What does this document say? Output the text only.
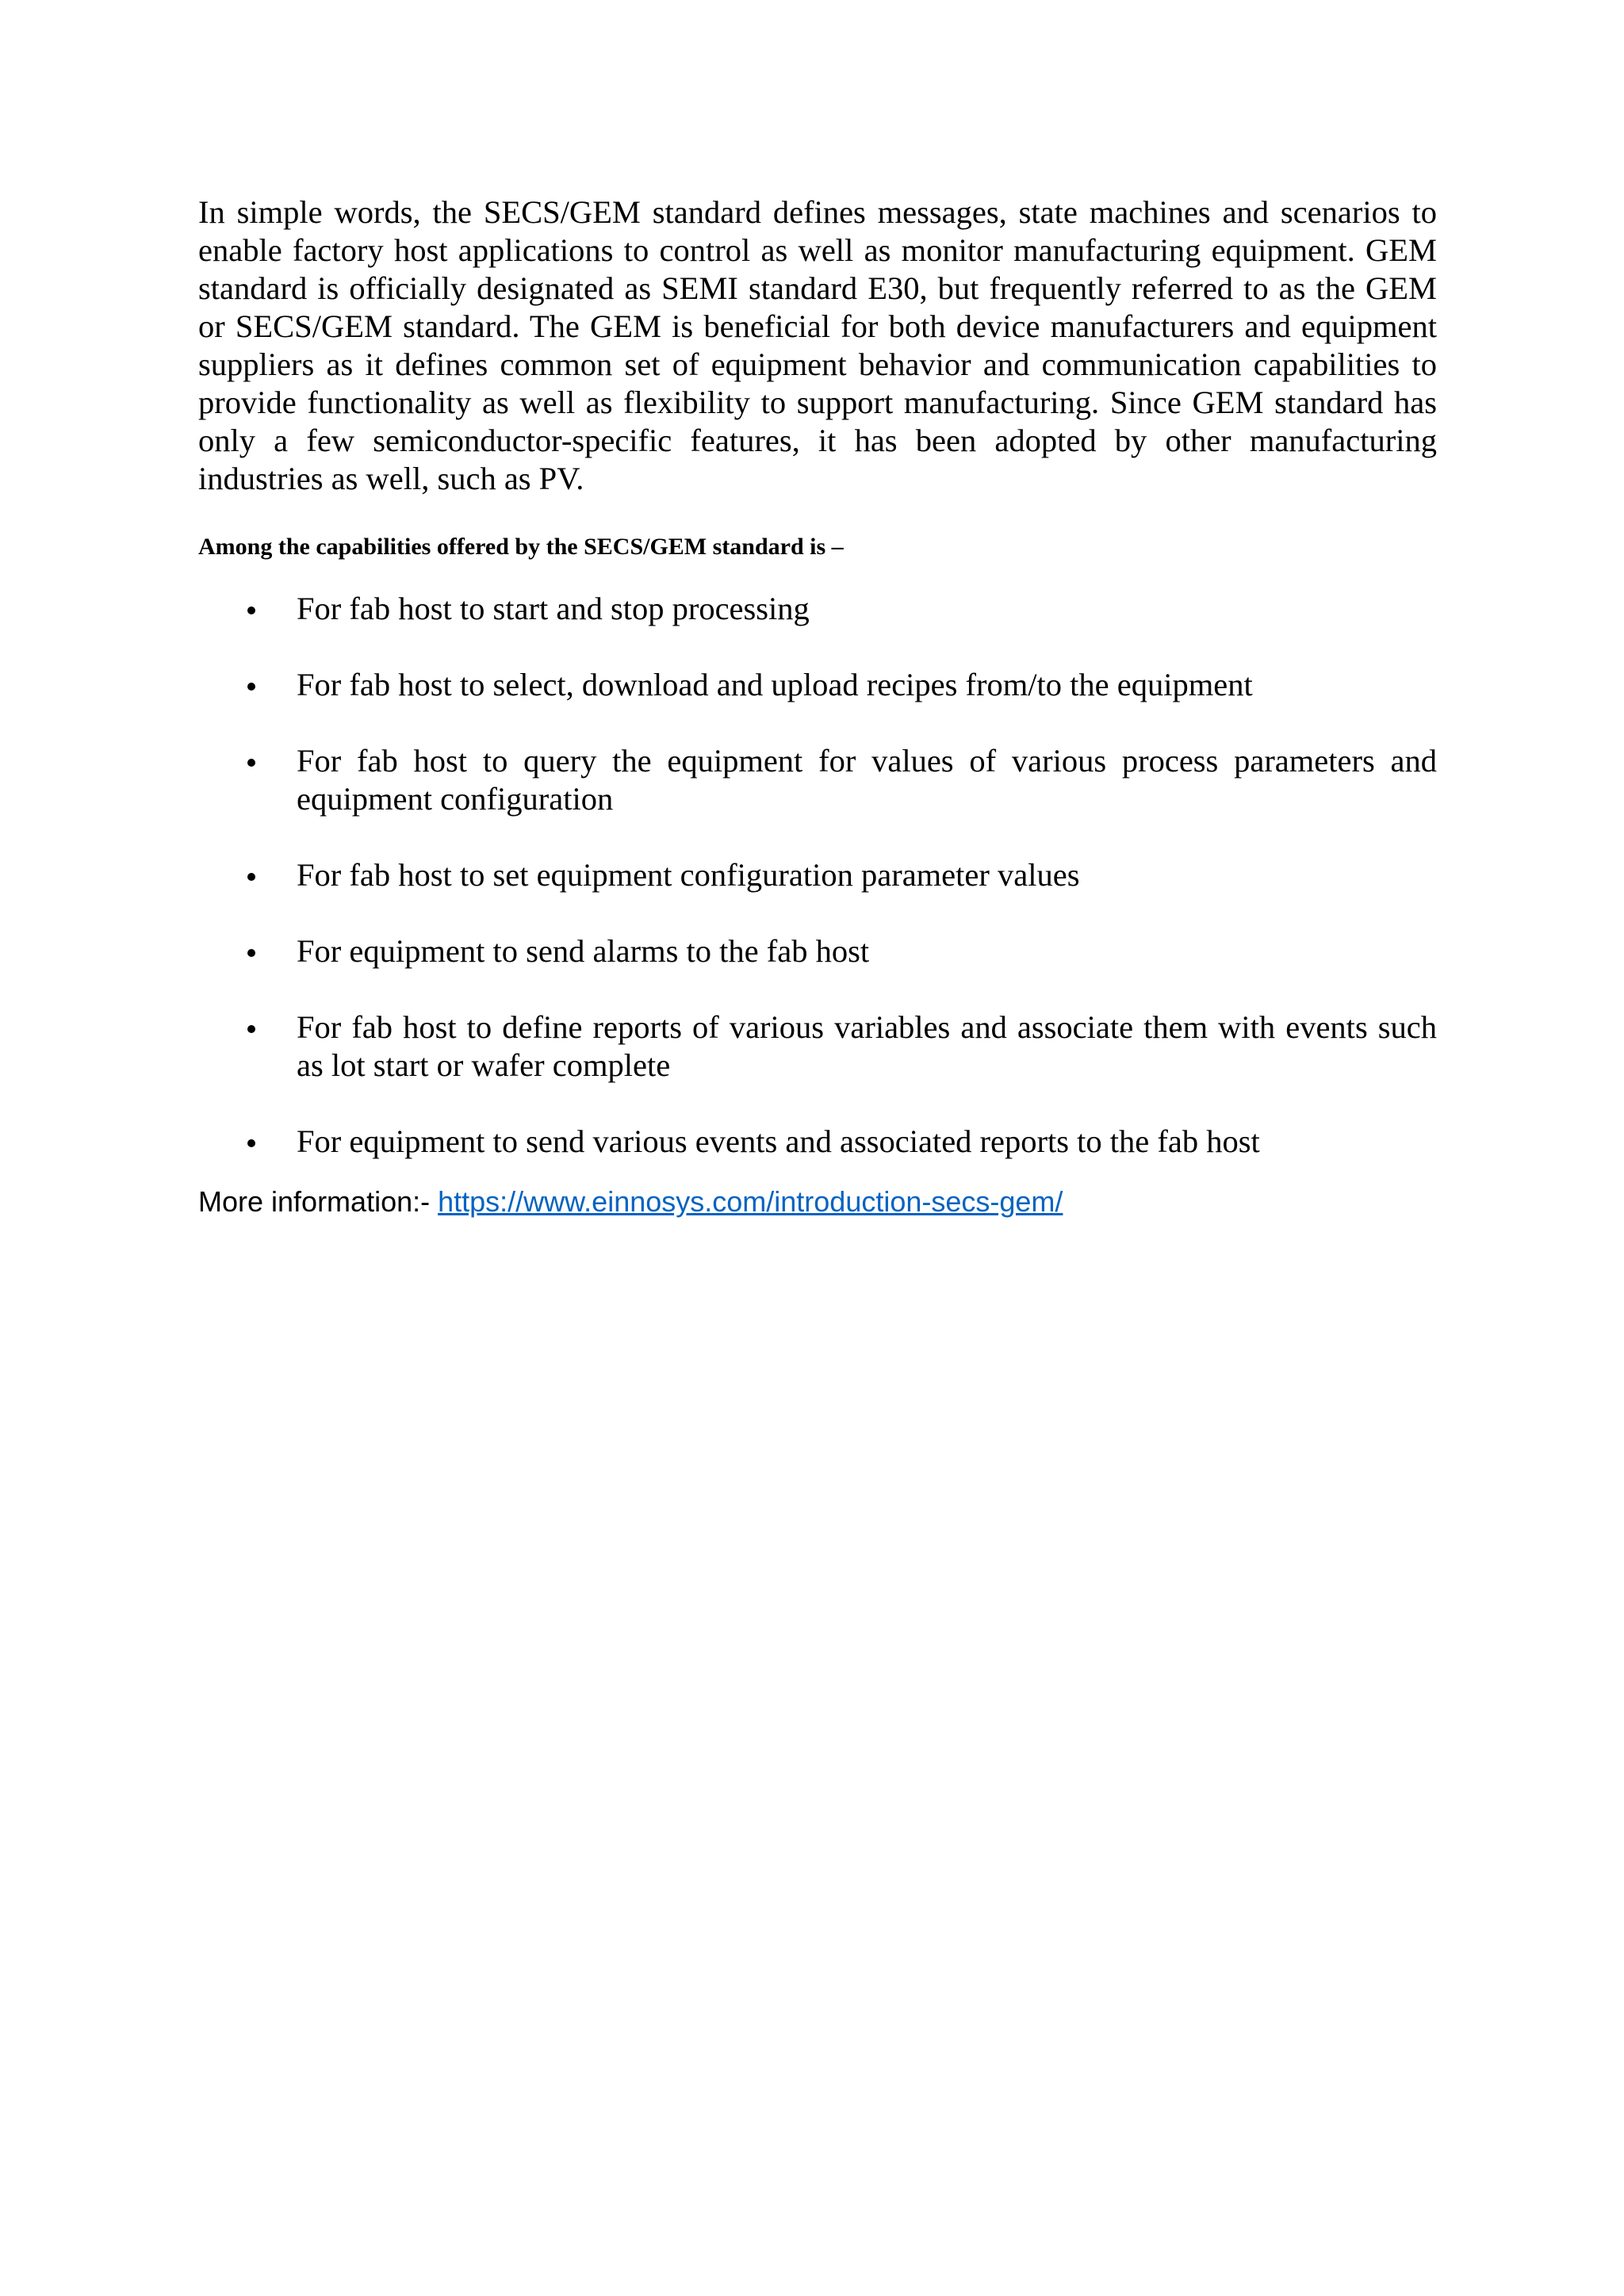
In simple words, the SECS/GEM standard defines messages, state machines and scenarios to enable factory host applications to control as well as monitor manufacturing equipment. GEM standard is officially designated as SEMI standard E30, but frequently referred to as the GEM or SECS/GEM standard. The GEM is beneficial for both device manufacturers and equipment suppliers as it defines common set of equipment behavior and communication capabilities to provide functionality as well as flexibility to support manufacturing. Since GEM standard has only a few semiconductor-specific features, it has been adopted by other manufacturing industries as well, such as PV.

Among the capabilities offered by the SECS/GEM standard is –

For fab host to start and stop processing
For fab host to select, download and upload recipes from/to the equipment
For fab host to query the equipment for values of various process parameters and equipment configuration
For fab host to set equipment configuration parameter values
For equipment to send alarms to the fab host
For fab host to define reports of various variables and associate them with events such as lot start or wafer complete
For equipment to send various events and associated reports to the fab host

More information:- https://www.einnosys.com/introduction-secs-gem/
